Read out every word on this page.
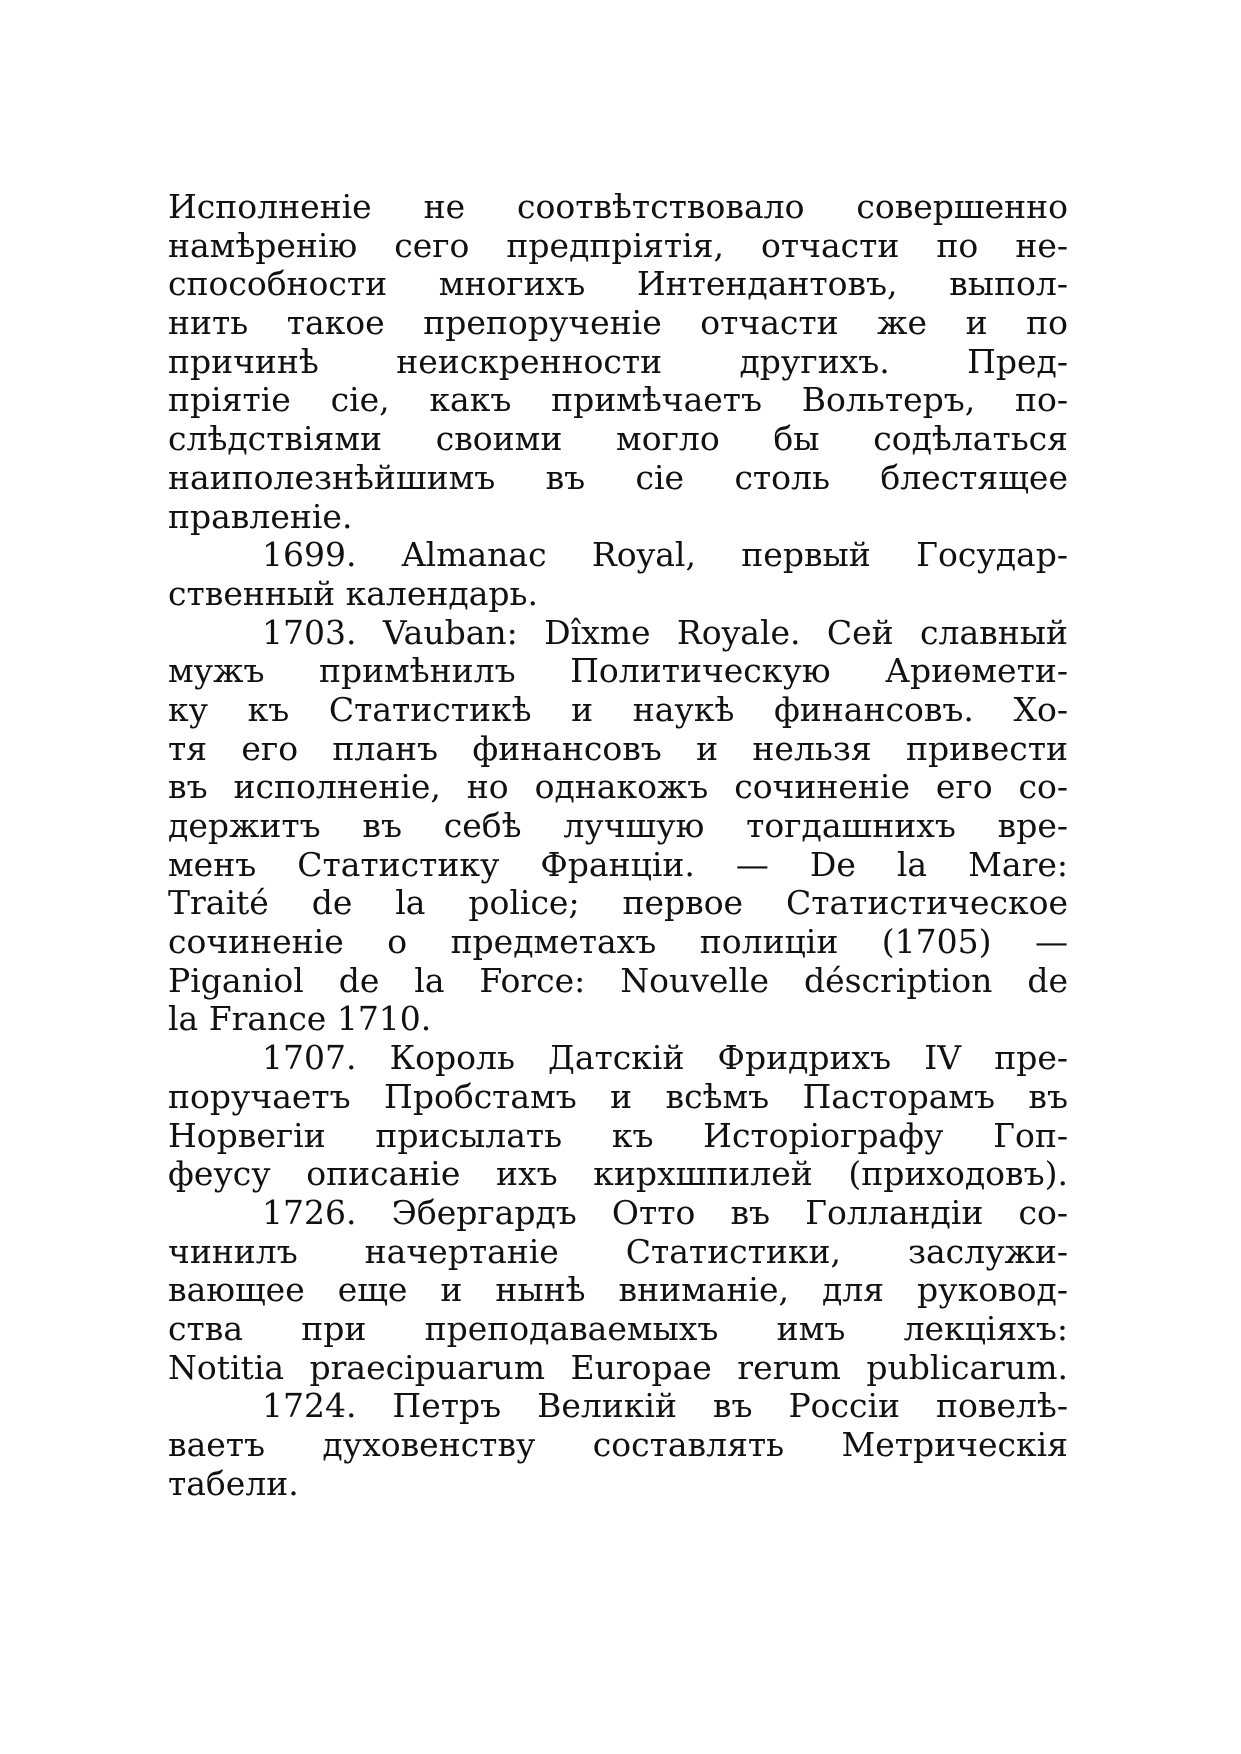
Исполненіе не соотвѣтствовало совершенно
намѣренію сего предпріятія, отчасти по не-
способности многихъ Интендантовъ, выпол-
нить такое препорученіе отчасти же и по
причинѣ неискренности другихъ. Пред-
пріятіе сіе, какъ примѣчаетъ Вольтеръ, по-
слѣдствіями своими могло бы содѣлаться
наиполезнѣйшимъ въ сіе столь блестящее
правленіе.
1699. Almanac Royal, первый Государ-
ственный календарь.
1703. Vauban: Dîxme Royale. Сей славный
мужъ примѣнилъ Политическую Ариѳмети-
ку къ Статистикѣ и наукѣ финансовъ. Хо-
тя его планъ финансовъ и нельзя привести
въ исполненіе, но однакожъ сочиненіе его со-
держитъ въ себѣ лучшую тогдашнихъ вре-
менъ Статистику Франціи. — De la Mare:
Traité de la police; первое Статистическое
сочиненіе о предметахъ полиціи (1705) —
Piganiol de la Force: Nouvelle déscription de
la France 1710.
1707. Король Датскій Фридрихъ IV пре-
поручаетъ Пробстамъ и всѣмъ Пасторамъ въ
Норвегіи присылать къ Исторіографу Гоп-
феусу описаніе ихъ кирхшпилей (приходовъ).
1726. Эбергардъ Отто въ Голландіи со-
чинилъ начертаніе Статистики, заслужи-
вающее еще и нынѣ вниманіе, для руковод-
ства при преподаваемыхъ имъ лекціяхъ:
Notitia praecipuarum Europae rerum publicarum.
1724. Петръ Великій въ Россіи повелѣ-
ваетъ духовенству составлять Метрическія
табели.
